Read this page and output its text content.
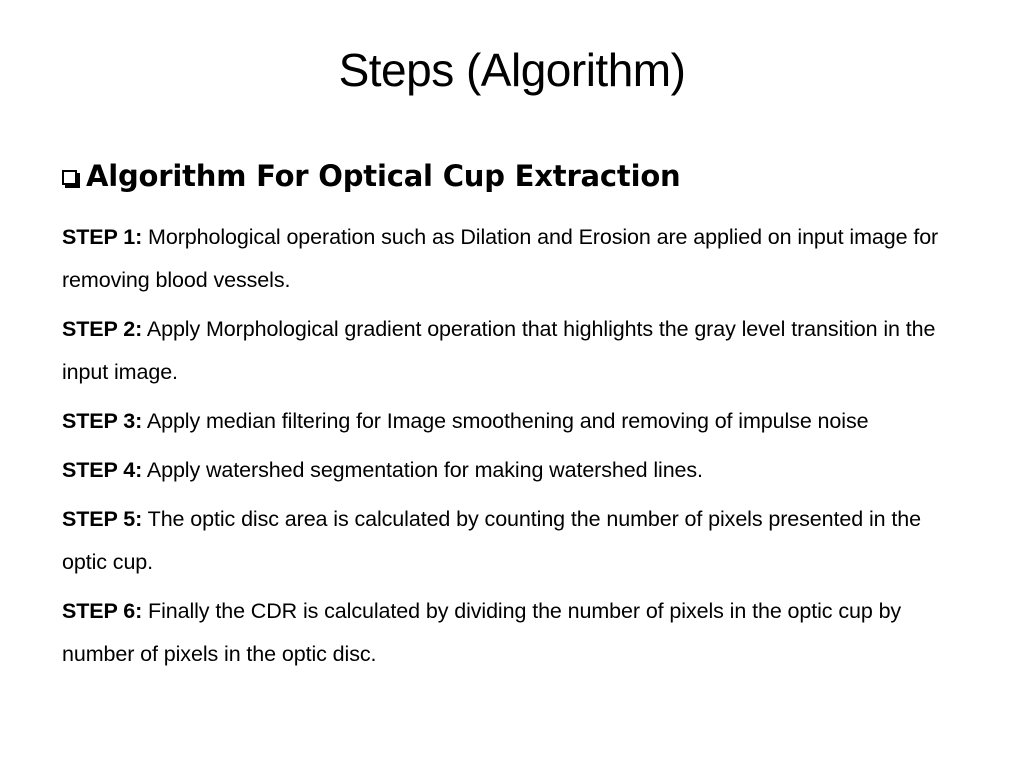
Steps (Algorithm)
Algorithm For Optical Cup Extraction

STEP 1: Morphological operation such as Dilation and Erosion are applied on input image for removing blood vessels.

STEP 2: Apply Morphological gradient operation that highlights the gray level transition in the input image.

STEP 3: Apply median filtering for Image smoothening and removing of impulse noise

STEP 4: Apply watershed segmentation for making watershed lines.

STEP 5: The optic disc area is calculated by counting the number of pixels presented in the optic cup.

STEP 6: Finally the CDR is calculated by dividing the number of pixels in the optic cup by number of pixels in the optic disc.
